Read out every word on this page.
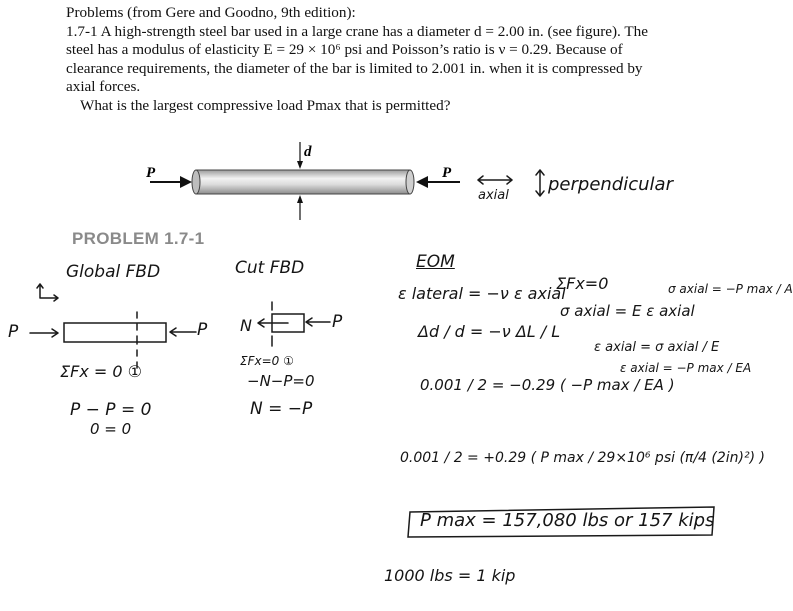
Problems (from Gere and Goodno, 9th edition):

1.7-1 A high-strength steel bar used in a large crane has a diameter d = 2.00 in. (see figure). The

steel has a modulus of elasticity E = 29 × 10⁶ psi and Poisson’s ratio is ν = 0.29. Because of

clearance requirements, the diameter of the bar is limited to 2.001 in. when it is compressed by

axial forces.

What is the largest compressive load Pmax that is permitted?

P	P
d
PROBLEM 1.7-1
axial
perpendicular
Global FBD
P	P
ΣFx = 0 ①
P − P = 0
0 = 0
Cut FBD
N	P
ΣFx=0 ①
−N−P=0
N = −P
EOM
ε lateral = −ν ε axial
ΣFx=0
σ axial = E ε axial
σ axial = −P max / A
Δd / d = −ν ΔL / L
ε axial = σ axial / E
ε axial = −P max / EA
0.001 / 2 = −0.29 ( −P max / EA )
0.001 / 2 = +0.29 ( P max / 29×10⁶ psi (π/4 (2in)²) )
P max = 157,080 lbs or 157 kips
1000 lbs = 1 kip
